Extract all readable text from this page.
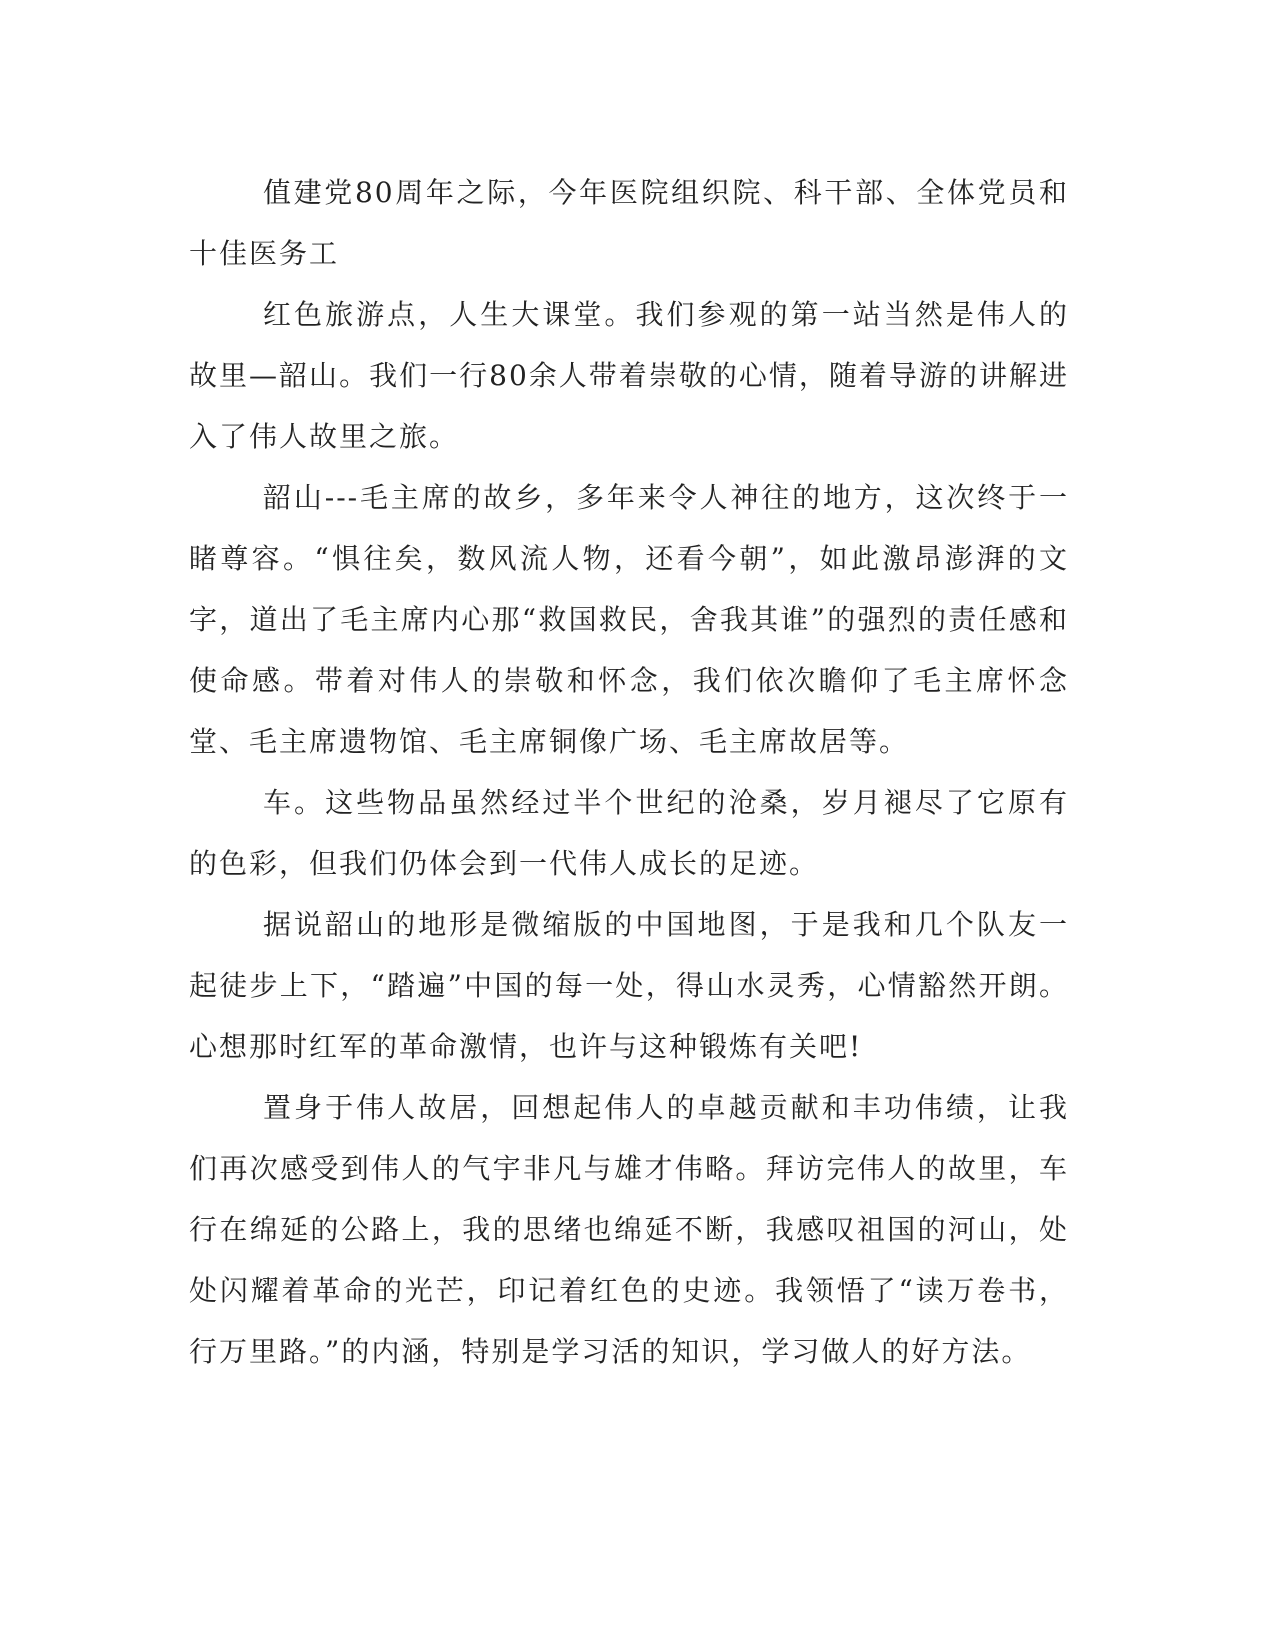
值建党80周年之际，今年医院组织院、科干部、全体党员和十佳医务工

红色旅游点，人生大课堂。我们参观的第一站当然是伟人的故里—韶山。我们一行80余人带着崇敬的心情，随着导游的讲解进入了伟人故里之旅。

韶山---毛主席的故乡，多年来令人神往的地方，这次终于一睹尊容。“惧往矣，数风流人物，还看今朝”，如此激昂澎湃的文字，道出了毛主席内心那“救国救民，舍我其谁”的强烈的责任感和使命感。带着对伟人的崇敬和怀念，我们依次瞻仰了毛主席怀念堂、毛主席遗物馆、毛主席铜像广场、毛主席故居等。

车。这些物品虽然经过半个世纪的沧桑，岁月褪尽了它原有的色彩，但我们仍体会到一代伟人成长的足迹。

据说韶山的地形是微缩版的中国地图，于是我和几个队友一起徒步上下，“踏遍”中国的每一处，得山水灵秀，心情豁然开朗。心想那时红军的革命激情，也许与这种锻炼有关吧!

置身于伟人故居，回想起伟人的卓越贡献和丰功伟绩，让我们再次感受到伟人的气宇非凡与雄才伟略。拜访完伟人的故里，车行在绵延的公路上，我的思绪也绵延不断，我感叹祖国的河山，处处闪耀着革命的光芒，印记着红色的史迹。我领悟了“读万卷书，行万里路。”的内涵，特别是学习活的知识，学习做人的好方法。
